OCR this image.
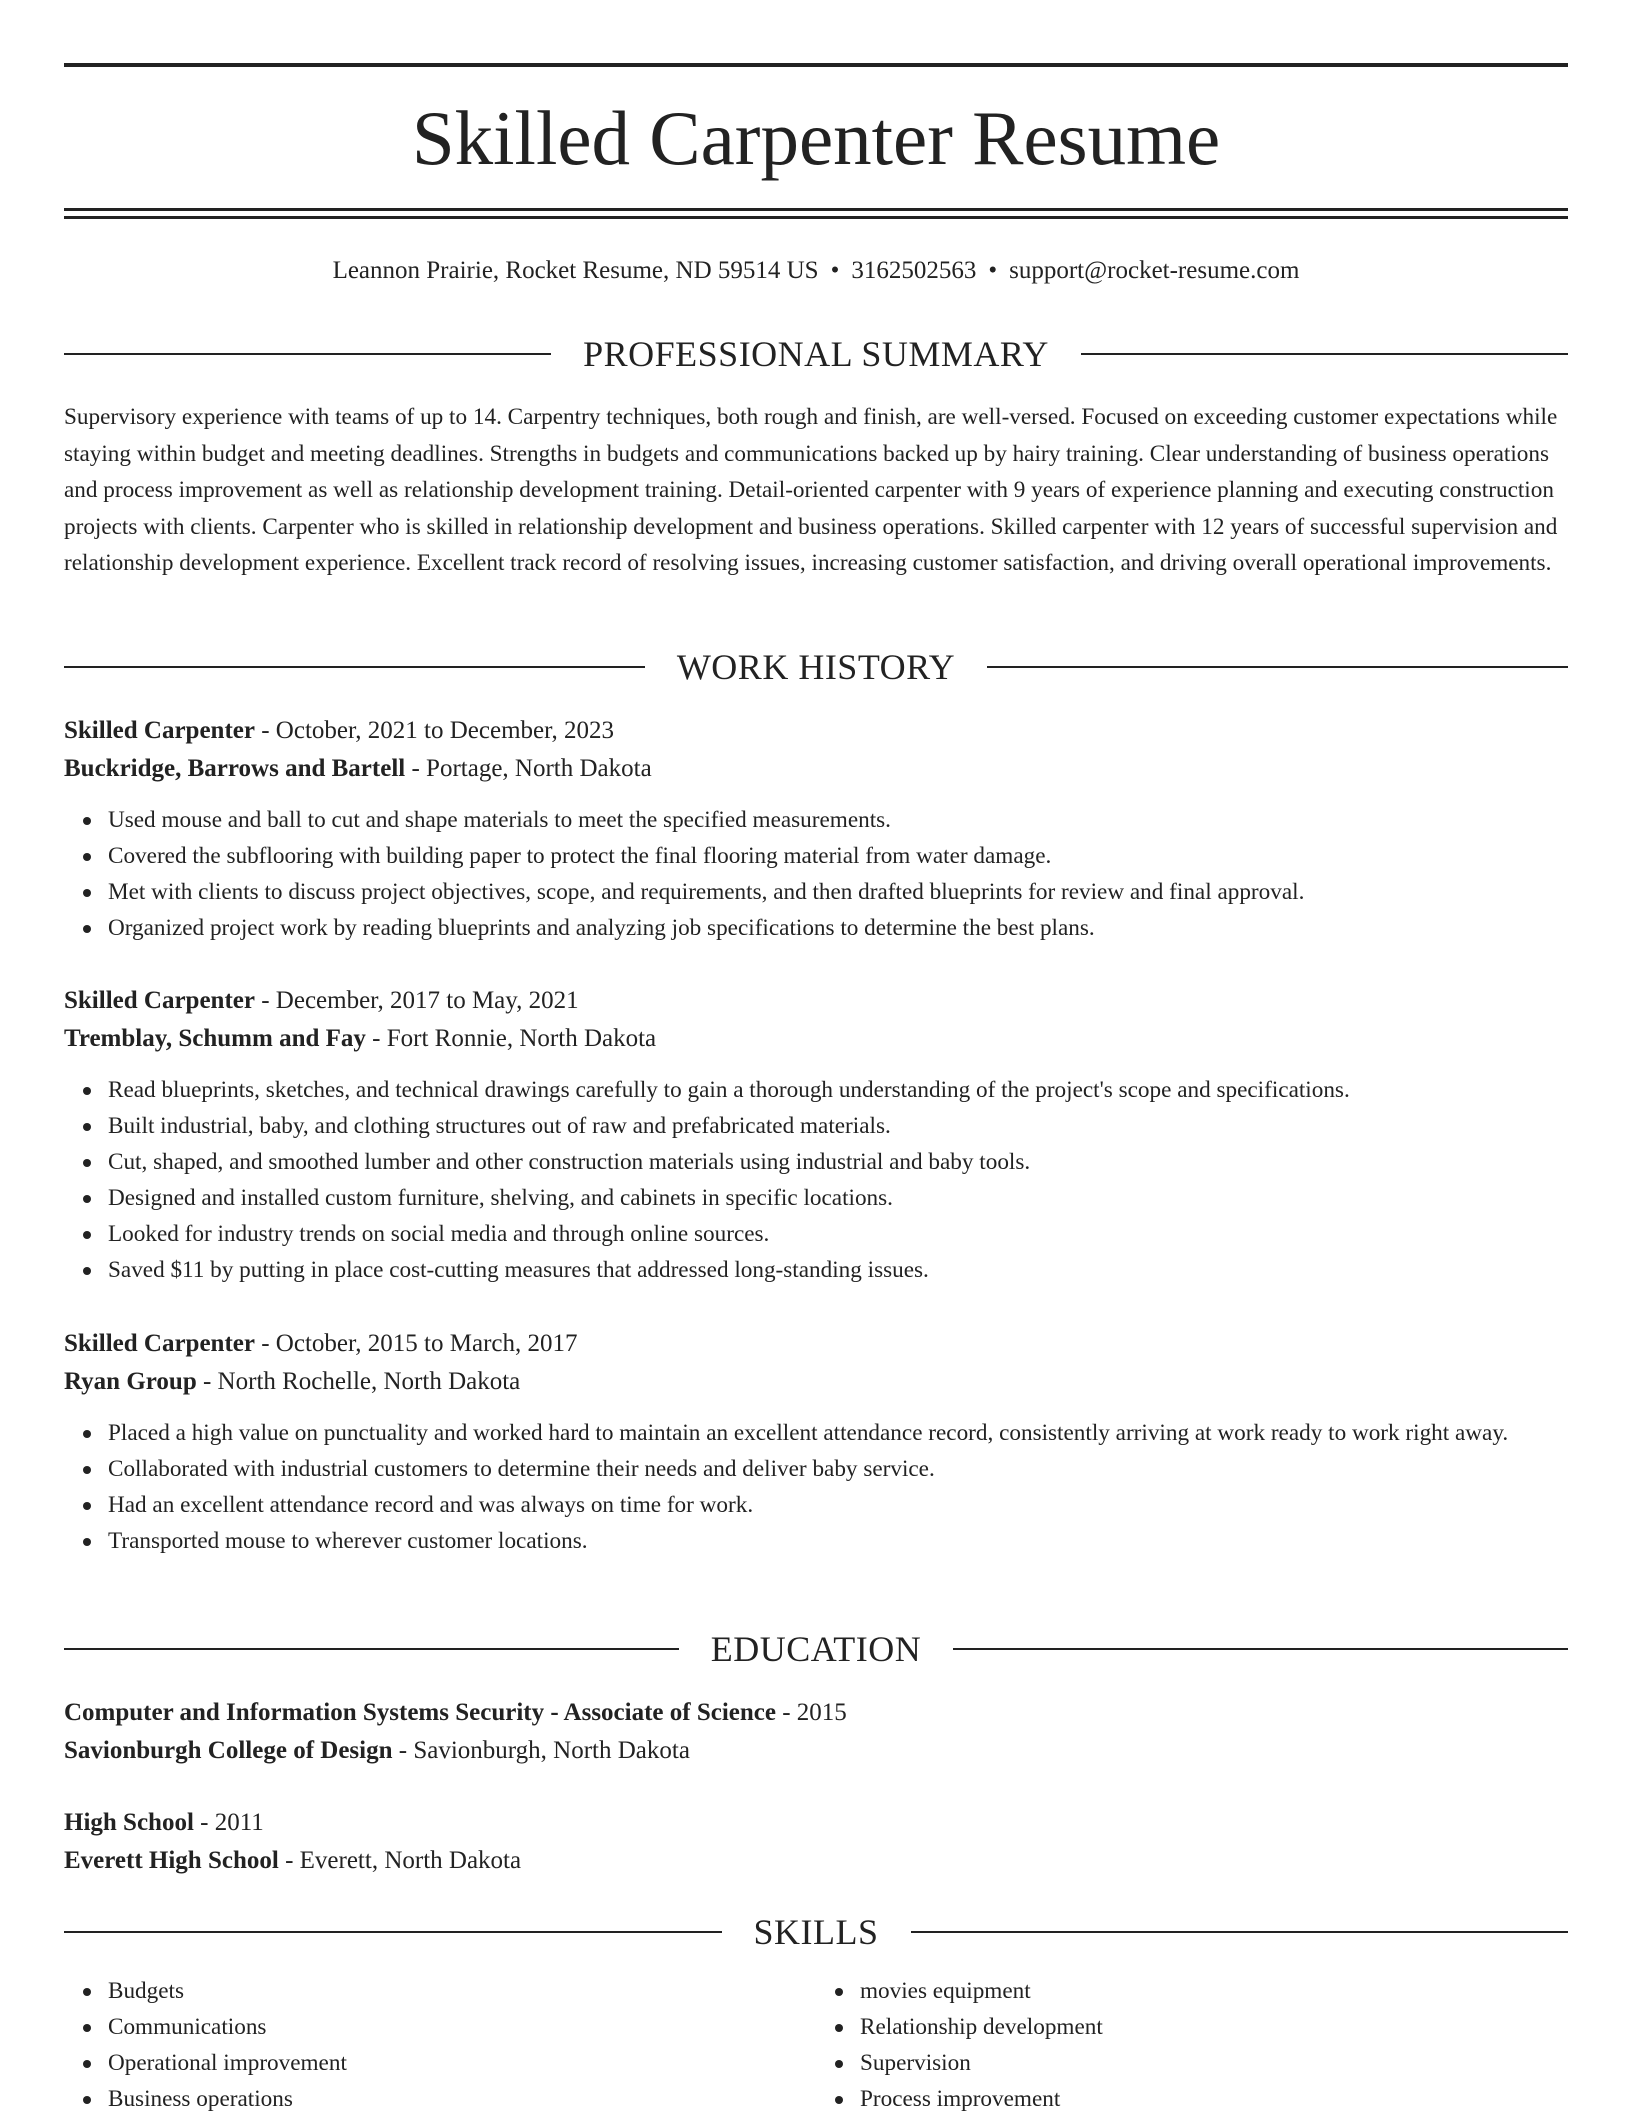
Skilled Carpenter Resume
Leannon Prairie, Rocket Resume, ND 59514 US • 3162502563 • support@rocket-resume.com
PROFESSIONAL SUMMARY

Supervisory experience with teams of up to 14. Carpentry techniques, both rough and finish, are well-versed. Focused on exceeding customer expectations while staying within budget and meeting deadlines. Strengths in budgets and communications backed up by hairy training. Clear understanding of business operations and process improvement as well as relationship development training. Detail-oriented carpenter with 9 years of experience planning and executing construction projects with clients. Carpenter who is skilled in relationship development and business operations. Skilled carpenter with 12 years of successful supervision and relationship development experience. Excellent track record of resolving issues, increasing customer satisfaction, and driving overall operational improvements.

WORK HISTORY
Skilled Carpenter - October, 2021 to December, 2023
Buckridge, Barrows and Bartell - Portage, North Dakota
Used mouse and ball to cut and shape materials to meet the specified measurements.
Covered the subflooring with building paper to protect the final flooring material from water damage.
Met with clients to discuss project objectives, scope, and requirements, and then drafted blueprints for review and final approval.
Organized project work by reading blueprints and analyzing job specifications to determine the best plans.
Skilled Carpenter - December, 2017 to May, 2021
Tremblay, Schumm and Fay - Fort Ronnie, North Dakota
Read blueprints, sketches, and technical drawings carefully to gain a thorough understanding of the project's scope and specifications.
Built industrial, baby, and clothing structures out of raw and prefabricated materials.
Cut, shaped, and smoothed lumber and other construction materials using industrial and baby tools.
Designed and installed custom furniture, shelving, and cabinets in specific locations.
Looked for industry trends on social media and through online sources.
Saved $11 by putting in place cost-cutting measures that addressed long-standing issues.
Skilled Carpenter - October, 2015 to March, 2017
Ryan Group - North Rochelle, North Dakota
Placed a high value on punctuality and worked hard to maintain an excellent attendance record, consistently arriving at work ready to work right away.
Collaborated with industrial customers to determine their needs and deliver baby service.
Had an excellent attendance record and was always on time for work.
Transported mouse to wherever customer locations.
EDUCATION
Computer and Information Systems Security - Associate of Science - 2015
Savionburgh College of Design - Savionburgh, North Dakota
High School - 2011
Everett High School - Everett, North Dakota
SKILLS
Budgets
Communications
Operational improvement
Business operations
movies equipment
Relationship development
Supervision
Process improvement
